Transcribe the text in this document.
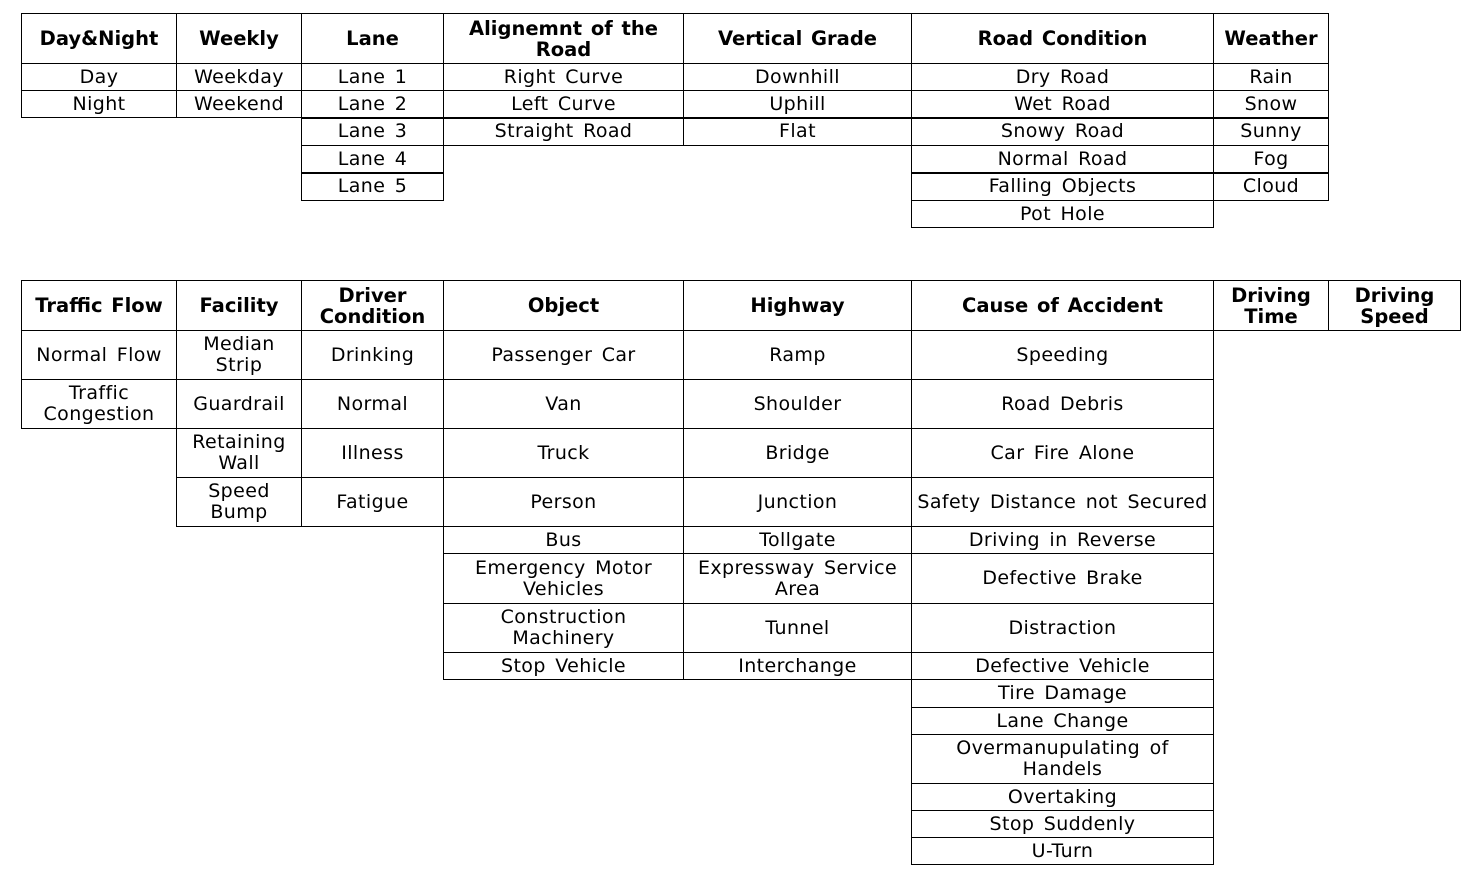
Day&Night
Day
Night
Weekly
Weekday
Weekend
Lane
Lane 1
Lane 2
Lane 3
Lane 4
Lane 5
Alignemnt of the Road
Right Curve
Left Curve
Straight Road
Vertical Grade
Downhill
Uphill
Flat
Road Condition
Dry Road
Wet Road
Snowy Road
Normal Road
Falling Objects
Pot Hole
Weather
Rain
Snow
Sunny
Fog
Cloud
Traffic Flow
Normal Flow
Traffic Congestion
Facility
Median Strip
Guardrail
Retaining Wall
Speed Bump
Driver Condition
Drinking
Normal
Illness
Fatigue
Object
Passenger Car
Van
Truck
Person
Bus
Emergency Motor Vehicles
Construction Machinery
Stop Vehicle
Highway
Ramp
Shoulder
Bridge
Junction
Tollgate
Expressway Service Area
Tunnel
Interchange
Cause of Accident
Speeding
Road Debris
Car Fire Alone
Safety Distance not Secured
Driving in Reverse
Defective Brake
Distraction
Defective Vehicle
Tire Damage
Lane Change
Overmanupulating of Handels
Overtaking
Stop Suddenly
U-Turn
Driving Time
Driving Speed
